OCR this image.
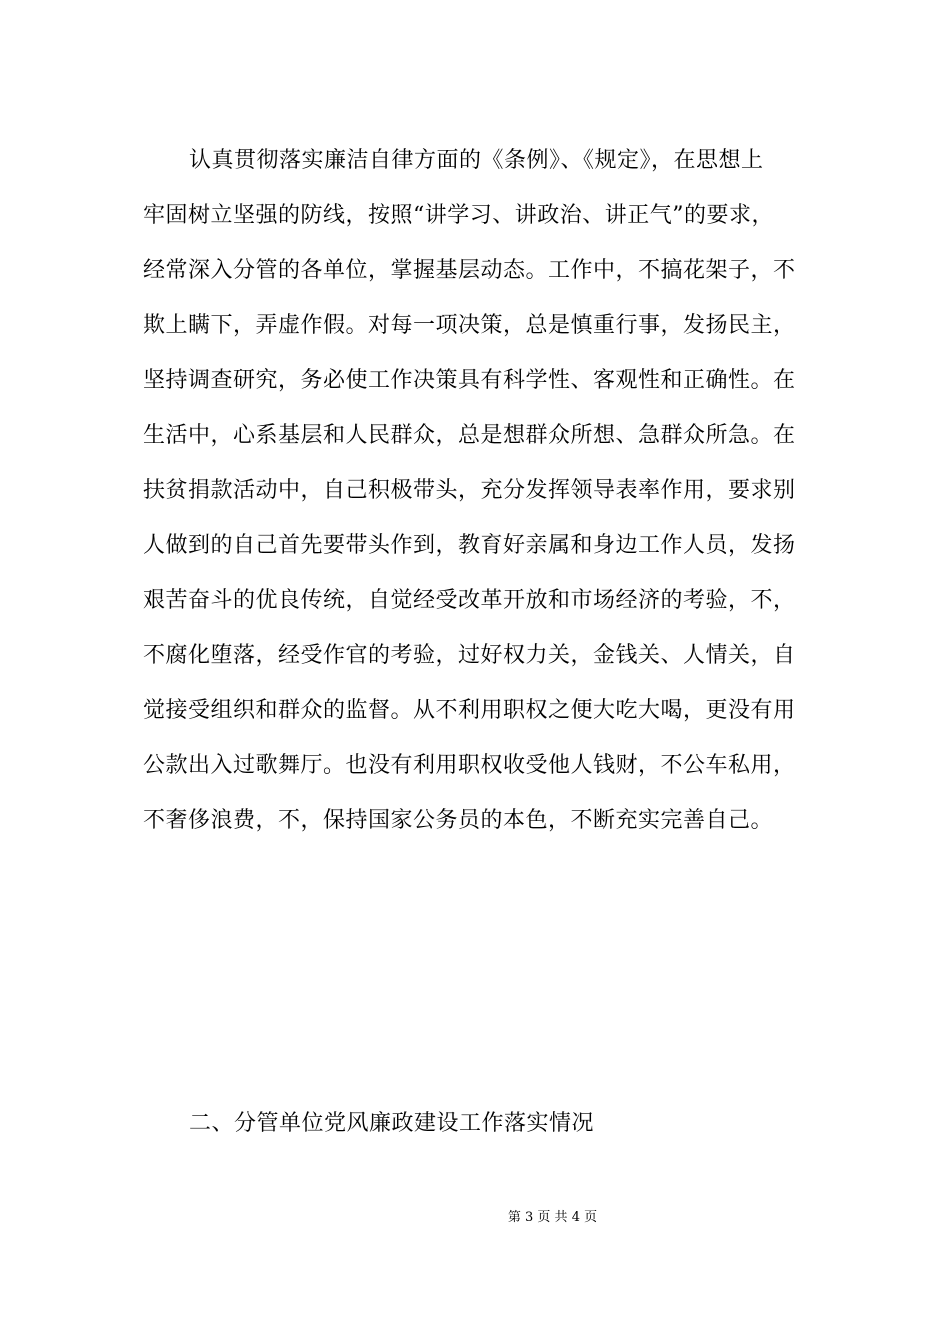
认真贯彻落实廉洁自律方面的《条例》、《规定》，在思想上
牢固树立坚强的防线，按照“讲学习、讲政治、讲正气”的要求，
经常深入分管的各单位，掌握基层动态。工作中，不搞花架子，不
欺上瞒下，弄虚作假。对每一项决策，总是慎重行事，发扬民主，
坚持调查研究，务必使工作决策具有科学性、客观性和正确性。在
生活中，心系基层和人民群众，总是想群众所想、急群众所急。在
扶贫捐款活动中，自己积极带头，充分发挥领导表率作用，要求别
人做到的自己首先要带头作到，教育好亲属和身边工作人员，发扬
艰苦奋斗的优良传统，自觉经受改革开放和市场经济的考验，不，
不腐化堕落，经受作官的考验，过好权力关，金钱关、人情关，自
觉接受组织和群众的监督。从不利用职权之便大吃大喝，更没有用
公款出入过歌舞厅。也没有利用职权收受他人钱财，不公车私用，
不奢侈浪费，不，保持国家公务员的本色，不断充实完善自己。
二、分管单位党风廉政建设工作落实情况
第 3 页 共 4 页
